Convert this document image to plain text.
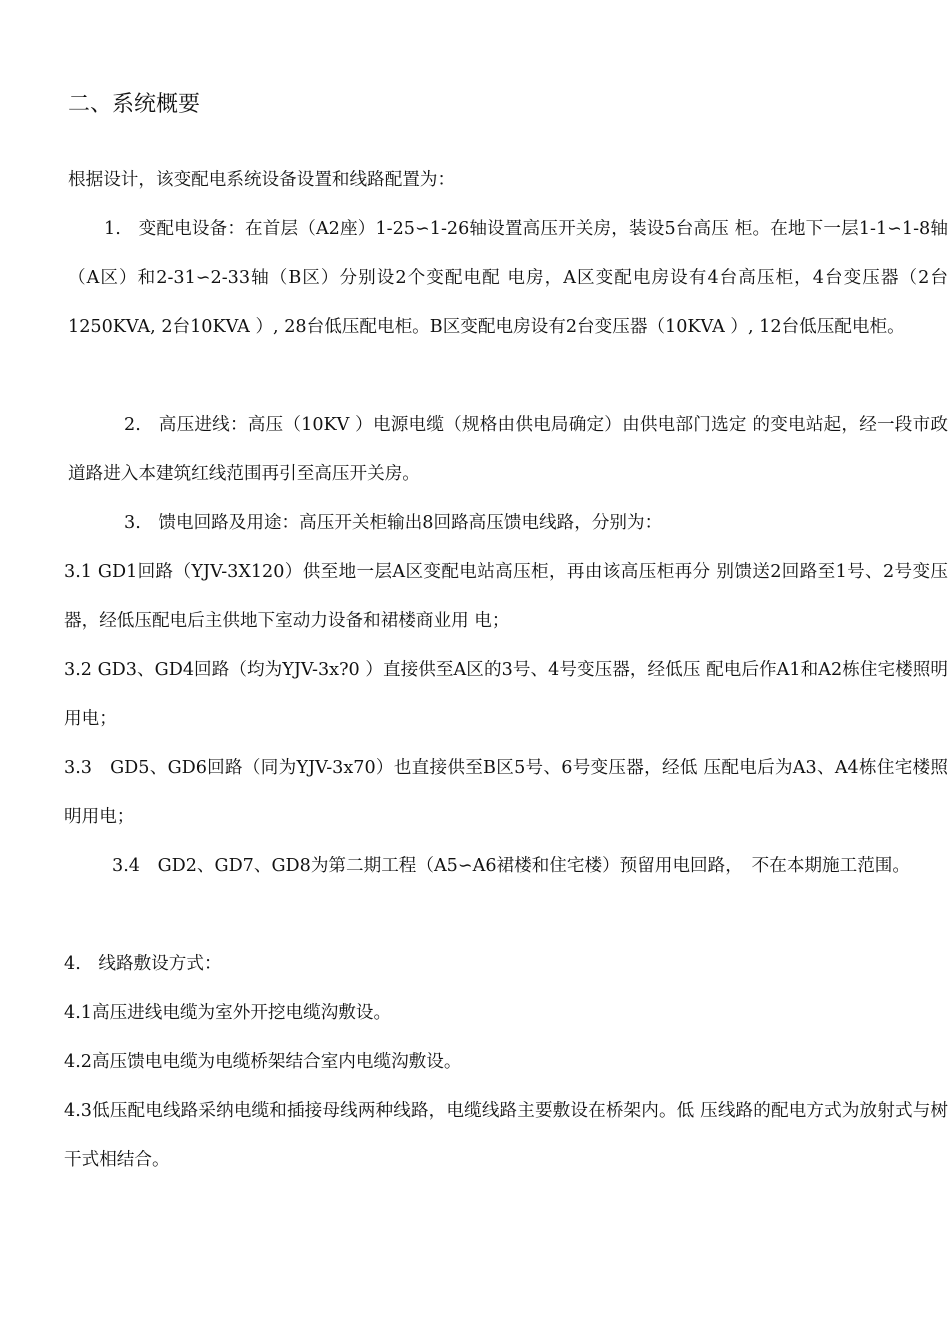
二、系统概要

根据设计，该变配电系统设备设置和线路配置为：

1.　变配电设备：在首层（A2座）1-25∽1-26轴设置高压开关房，装设5台高压 柜。在地下一层1-1∽1-8轴（A区）和2-31∽2-33轴（B区）分别设2个变配电配 电房，A区变配电房设有4台高压柜，4台变压器（2台1250KVA, 2台10KVA ）, 28台低压配电柜。B区变配电房设有2台变压器（10KVA ）, 12台低压配电柜。

2.　高压进线：高压（10KV ）电源电缆（规格由供电局确定）由供电部门选定 的变电站起，经一段市政道路进入本建筑红线范围再引至高压开关房。

3.　馈电回路及用途：高压开关柜输出8回路高压馈电线路，分别为：

3.1 GD1回路（YJV-3X120）供至地一层A区变配电站高压柜，再由该高压柜再分 别馈送2回路至1号、2号变压器，经低压配电后主供地下室动力设备和裙楼商业用 电；

3.2 GD3、GD4回路（均为YJV-3x?0 ）直接供至A区的3号、4号变压器，经低压 配电后作A1和A2栋住宅楼照明用电；

3.3　GD5、GD6回路（同为YJV-3x70）也直接供至B区5号、6号变压器，经低 压配电后为A3、A4栋住宅楼照明用电；

3.4　GD2、GD7、GD8为第二期工程（A5∽A6裙楼和住宅楼）预留用电回路，　不在本期施工范围。

4.　线路敷设方式：

4.1高压进线电缆为室外开挖电缆沟敷设。

4.2高压馈电电缆为电缆桥架结合室内电缆沟敷设。

4.3低压配电线路采纳电缆和插接母线两种线路，电缆线路主要敷设在桥架内。低 压线路的配电方式为放射式与树干式相结合。
